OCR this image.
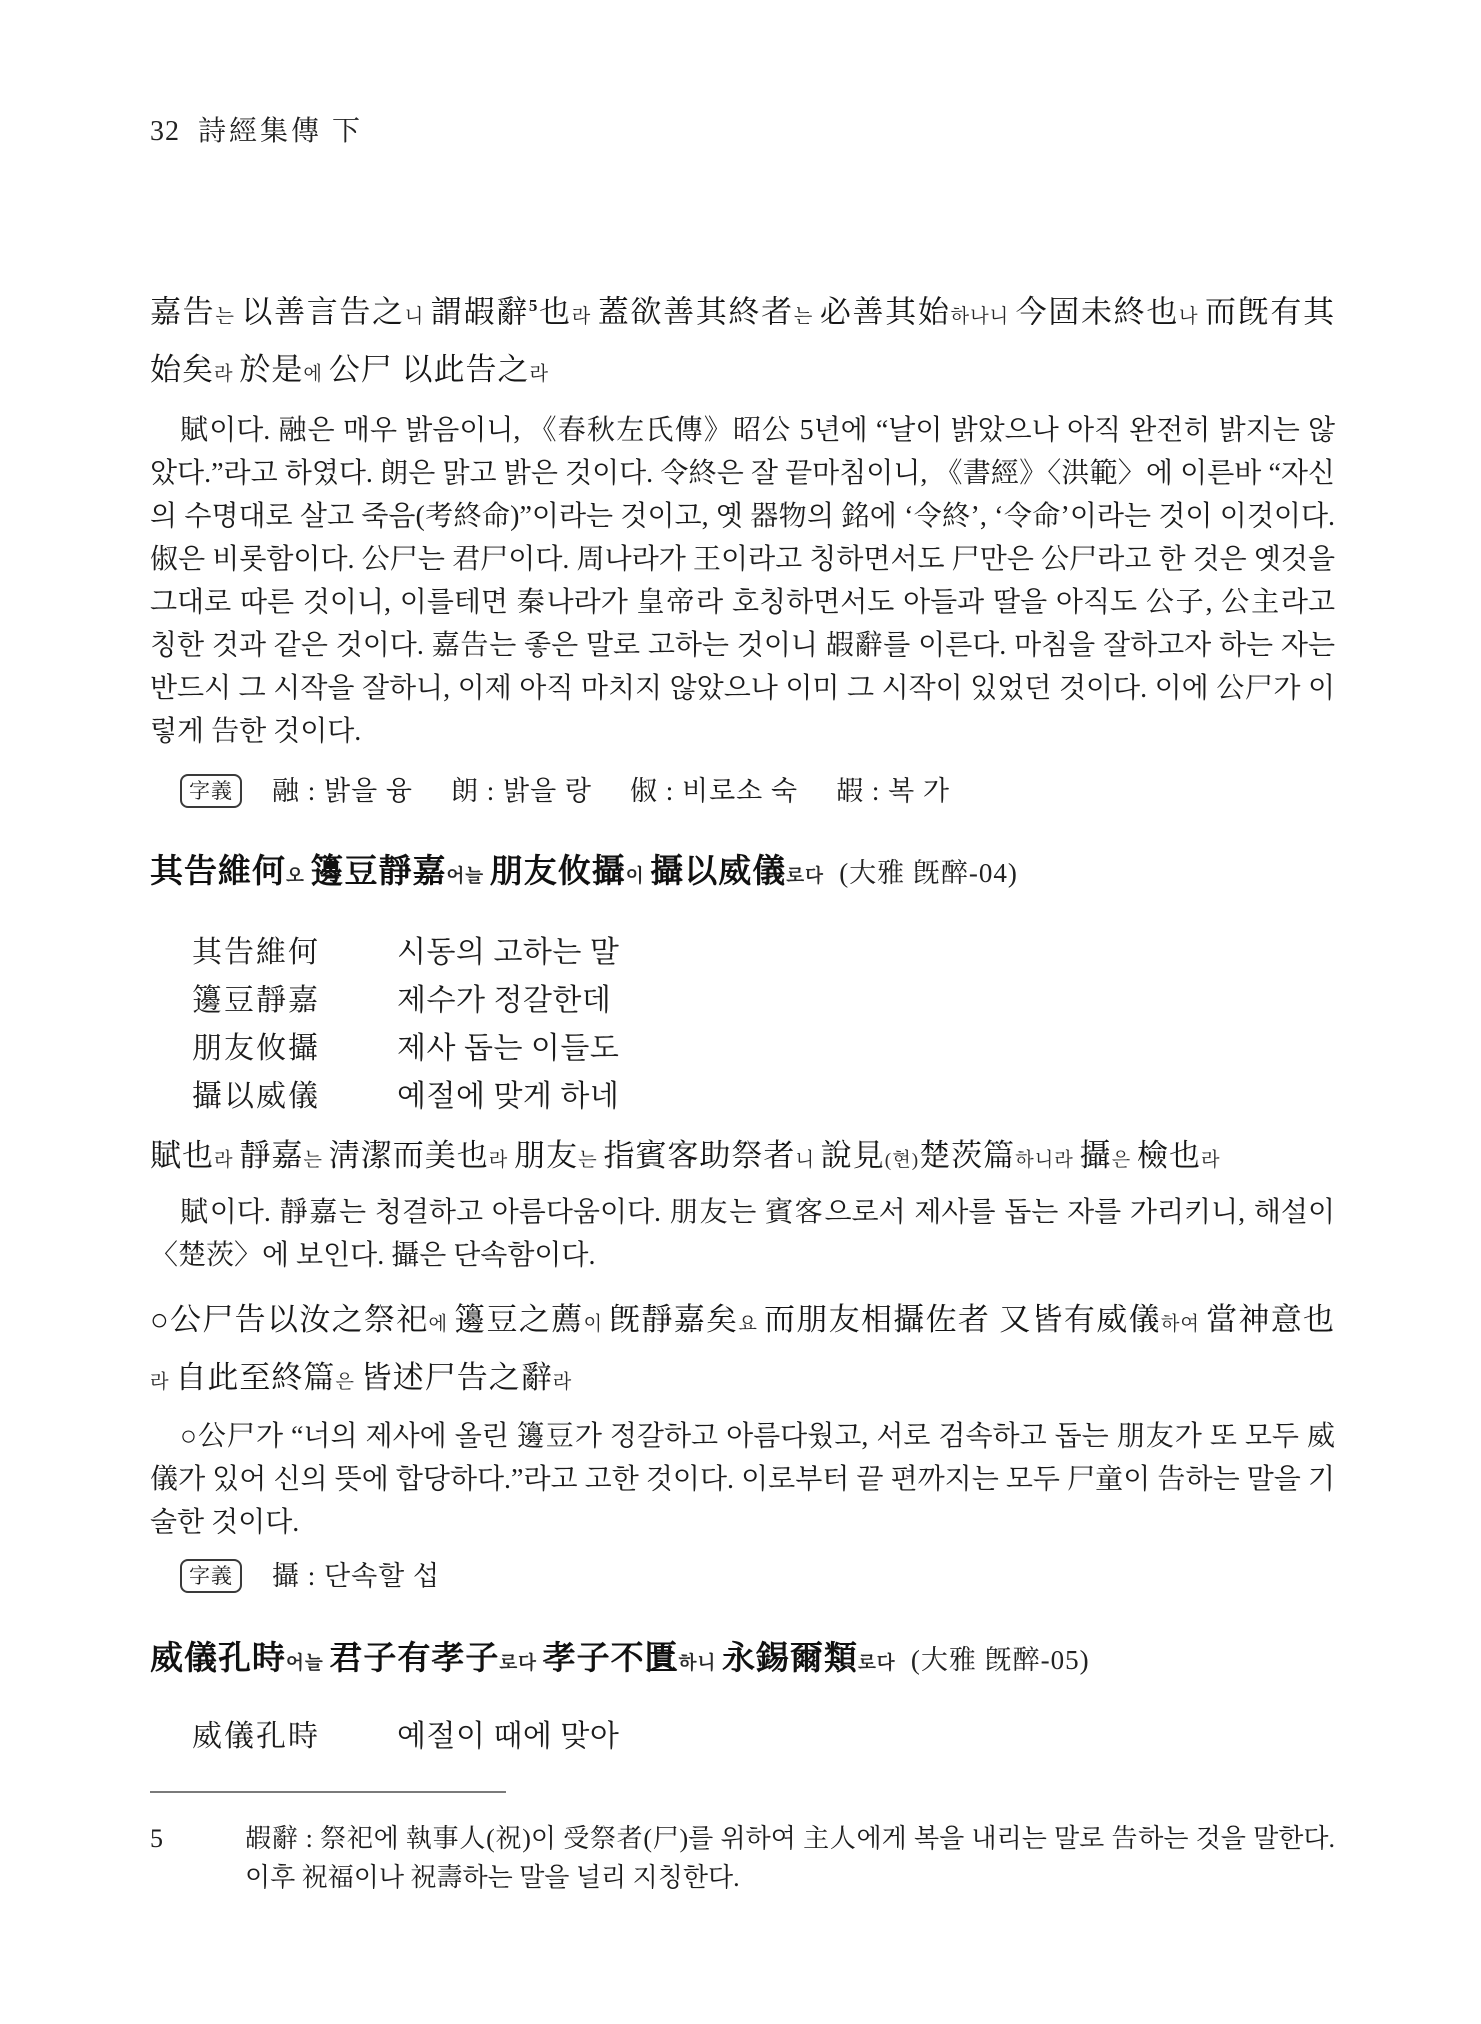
32 詩經集傳 下

嘉告는 以善言告之니 謂嘏辭$^5$也라 蓋欲善其終者는 必善其始하나니 今固未終也나 而旣有其始矣라 於是에 公尸 以此告之라

賦이다. 融은 매우 밝음이니, 《春秋左氏傳》昭公 5년에 “날이 밝았으나 아직 완전히 밝지는 않았다.”라고 하였다. 朗은 맑고 밝은 것이다. 令終은 잘 끝마침이니, 《書經》〈洪範〉에 이른바 “자신의 수명대로 살고 죽음(考終命)”이라는 것이고, 옛 器物의 銘에 ‘令終’, ‘令命’이라는 것이 이것이다. 俶은 비롯함이다. 公尸는 君尸이다. 周나라가 王이라고 칭하면서도 尸만은 公尸라고 한 것은 옛것을 그대로 따른 것이니, 이를테면 秦나라가 皇帝라 호칭하면서도 아들과 딸을 아직도 公子, 公主라고 칭한 것과 같은 것이다. 嘉告는 좋은 말로 고하는 것이니 嘏辭를 이른다. 마침을 잘하고자 하는 자는 반드시 그 시작을 잘하니, 이제 아직 마치지 않았으나 이미 그 시작이 있었던 것이다. 이에 公尸가 이렇게 告한 것이다.

字義	融 : 밝을 융 朗 : 밝을 랑 俶 : 비로소 숙 嘏 : 복 가
其告維何오 籩豆靜嘉어늘 朋友攸攝이 攝以威儀로다 (大雅 旣醉-04)
其告維何	시동의 고하는 말
籩豆靜嘉	제수가 정갈한데
朋友攸攝	제사 돕는 이들도
攝以威儀	예절에 맞게 하네

賦也라 靜嘉는 淸潔而美也라 朋友는 指賓客助祭者니 說見(현)楚茨篇하니라 攝은 檢也라

賦이다. 靜嘉는 청결하고 아름다움이다. 朋友는 賓客으로서 제사를 돕는 자를 가리키니, 해설이 〈楚茨〉에 보인다. 攝은 단속함이다.

○公尸告以汝之祭祀에 籩豆之薦이 旣靜嘉矣요 而朋友相攝佐者 又皆有威儀하여 當神意也라 自此至終篇은 皆述尸告之辭라

○公尸가 “너의 제사에 올린 籩豆가 정갈하고 아름다웠고, 서로 검속하고 돕는 朋友가 또 모두 威儀가 있어 신의 뜻에 합당하다.”라고 고한 것이다. 이로부터 끝 편까지는 모두 尸童이 告하는 말을 기술한 것이다.

字義	攝 : 단속할 섭
威儀孔時어늘 君子有孝子로다 孝子不匱하니 永錫爾類로다 (大雅 旣醉-05)
威儀孔時	예절이 때에 맞아
5	嘏辭 : 祭祀에 執事人(祝)이 受祭者(尸)를 위하여 主人에게 복을 내리는 말로 告하는 것을 말한다. 이후 祝福이나 祝壽하는 말을 널리 지칭한다.
